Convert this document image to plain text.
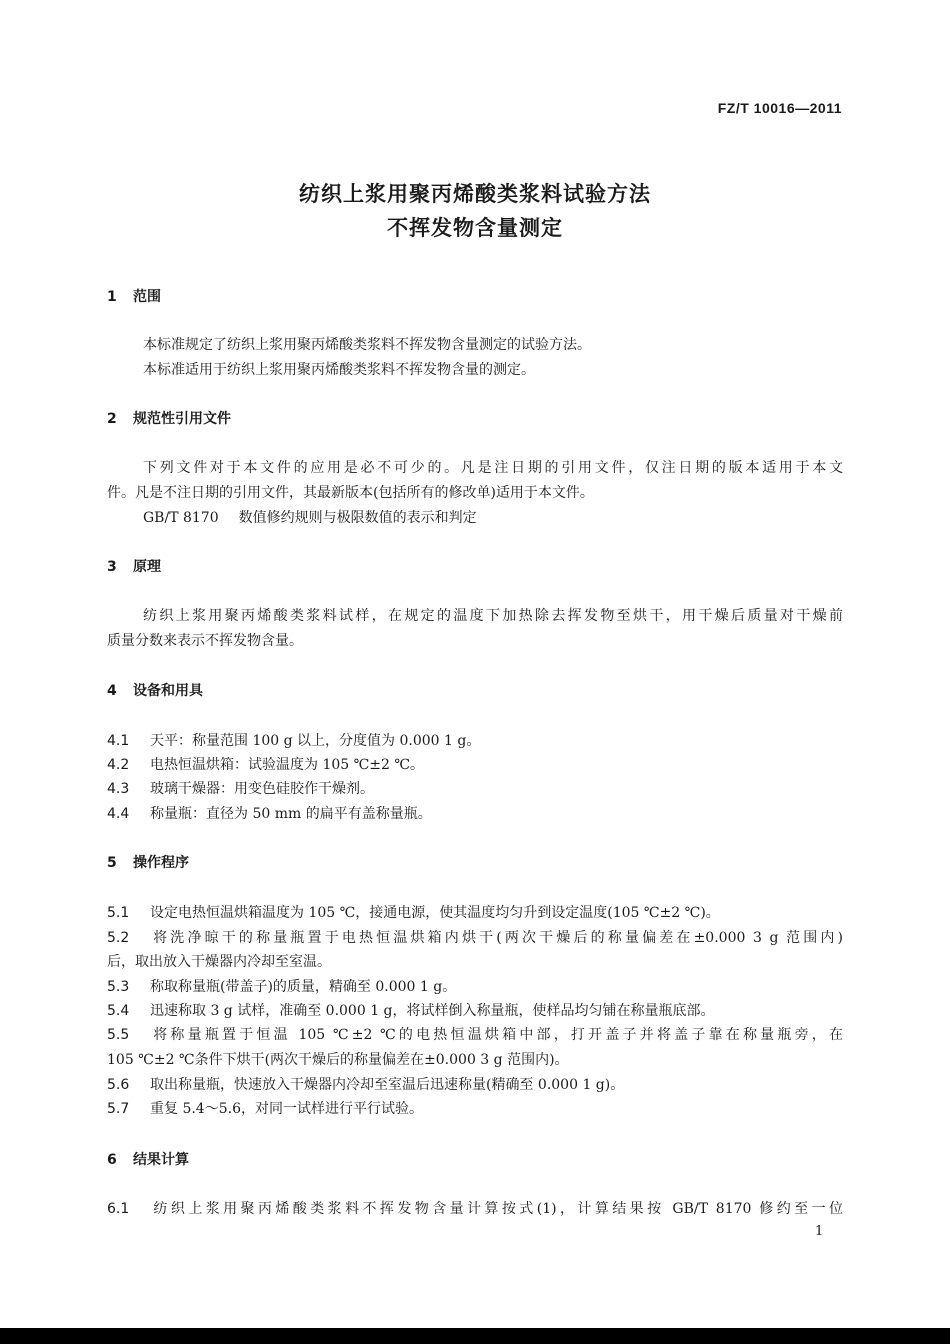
FZ/T 10016—2011
纺织上浆用聚丙烯酸类浆料试验方法
不挥发物含量测定
1 范围
本标准规定了纺织上浆用聚丙烯酸类浆料不挥发物含量测定的试验方法。
本标准适用于纺织上浆用聚丙烯酸类浆料不挥发物含量的测定。
2 规范性引用文件
下列文件对于本文件的应用是必不可少的。凡是注日期的引用文件，仅注日期的版本适用于本文
件。凡是不注日期的引用文件，其最新版本(包括所有的修改单)适用于本文件。
GB/T 8170 数值修约规则与极限数值的表示和判定
3 原理
纺织上浆用聚丙烯酸类浆料试样，在规定的温度下加热除去挥发物至烘干，用干燥后质量对干燥前
质量分数来表示不挥发物含量。
4 设备和用具
4.1 天平：称量范围 100 g 以上，分度值为 0.000 1 g。
4.2 电热恒温烘箱：试验温度为 105 ℃±2 ℃。
4.3 玻璃干燥器：用变色硅胶作干燥剂。
4.4 称量瓶：直径为 50 mm 的扁平有盖称量瓶。
5 操作程序
5.1 设定电热恒温烘箱温度为 105 ℃，接通电源，使其温度均匀升到设定温度(105 ℃±2 ℃)。
5.2 将洗净晾干的称量瓶置于电热恒温烘箱内烘干(两次干燥后的称量偏差在±0.000 3 g 范围内)
后，取出放入干燥器内冷却至室温。
5.3 称取称量瓶(带盖子)的质量，精确至 0.000 1 g。
5.4 迅速称取 3 g 试样，准确至 0.000 1 g，将试样倒入称量瓶，使样品均匀铺在称量瓶底部。
5.5 将称量瓶置于恒温 105 ℃±2 ℃的电热恒温烘箱中部，打开盖子并将盖子靠在称量瓶旁，在
105 ℃±2 ℃条件下烘干(两次干燥后的称量偏差在±0.000 3 g 范围内)。
5.6 取出称量瓶，快速放入干燥器内冷却至室温后迅速称量(精确至 0.000 1 g)。
5.7 重复 5.4～5.6，对同一试样进行平行试验。
6 结果计算
6.1 纺织上浆用聚丙烯酸类浆料不挥发物含量计算按式(1)，计算结果按 GB/T 8170 修约至一位
1
